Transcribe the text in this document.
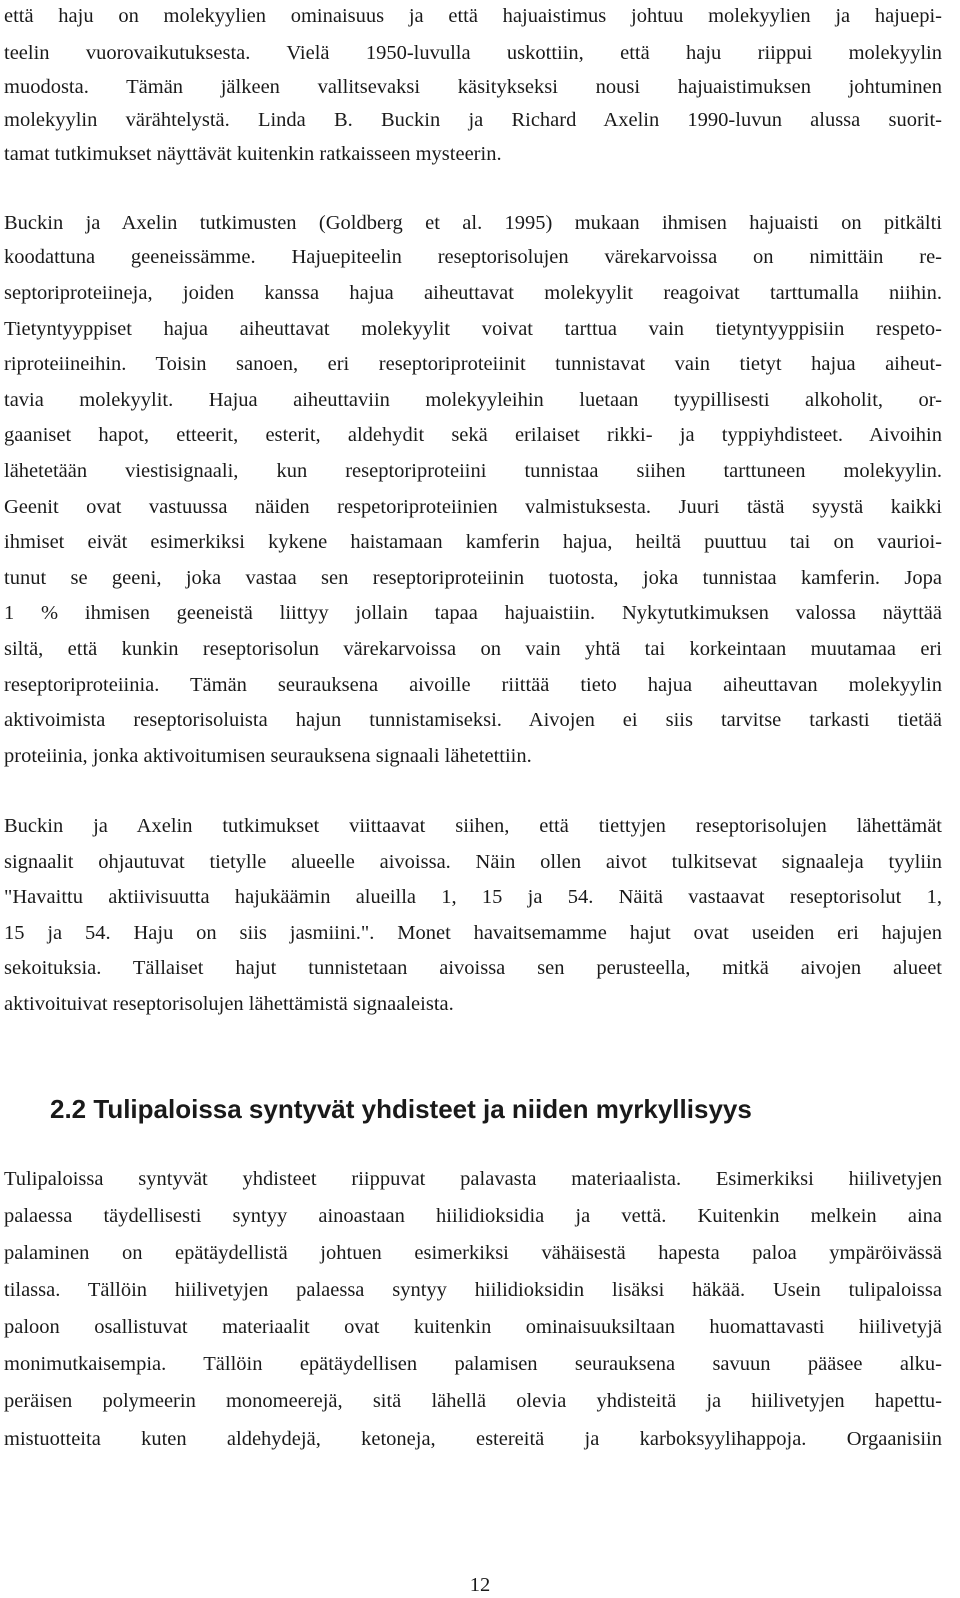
että haju on molekyylien ominaisuus ja että hajuaistimus johtuu molekyylien ja hajuepi-
teelin vuorovaikutuksesta. Vielä 1950-luvulla uskottiin, että haju riippui molekyylin
muodosta. Tämän jälkeen vallitsevaksi käsitykseksi nousi hajuaistimuksen johtuminen
molekyylin värähtelystä. Linda B. Buckin ja Richard Axelin 1990-luvun alussa suorit-
tamat tutkimukset näyttävät kuitenkin ratkaisseen mysteerin.
Buckin ja Axelin tutkimusten (Goldberg et al. 1995) mukaan ihmisen hajuaisti on pitkälti
koodattuna geeneissämme. Hajuepiteelin reseptorisolujen värekarvoissa on nimittäin re-
septoriproteiineja, joiden kanssa hajua aiheuttavat molekyylit reagoivat tarttumalla niihin.
Tietyntyyppiset hajua aiheuttavat molekyylit voivat tarttua vain tietyntyyppisiin respeto-
riproteiineihin. Toisin sanoen, eri reseptoriproteiinit tunnistavat vain tietyt hajua aiheut-
tavia molekyylit. Hajua aiheuttaviin molekyyleihin luetaan tyypillisesti alkoholit, or-
gaaniset hapot, etteerit, esterit, aldehydit sekä erilaiset rikki- ja typpiyhdisteet. Aivoihin
lähetetään viestisignaali, kun reseptoriproteiini tunnistaa siihen tarttuneen molekyylin.
Geenit ovat vastuussa näiden respetoriproteiinien valmistuksesta. Juuri tästä syystä kaikki
ihmiset eivät esimerkiksi kykene haistamaan kamferin hajua, heiltä puuttuu tai on vaurioi-
tunut se geeni, joka vastaa sen reseptoriproteiinin tuotosta, joka tunnistaa kamferin. Jopa
1 % ihmisen geeneistä liittyy jollain tapaa hajuaistiin. Nykytutkimuksen valossa näyttää
siltä, että kunkin reseptorisolun värekarvoissa on vain yhtä tai korkeintaan muutamaa eri
reseptoriproteiinia. Tämän seurauksena aivoille riittää tieto hajua aiheuttavan molekyylin
aktivoimista reseptorisoluista hajun tunnistamiseksi. Aivojen ei siis tarvitse tarkasti tietää
proteiinia, jonka aktivoitumisen seurauksena signaali lähetettiin.
Buckin ja Axelin tutkimukset viittaavat siihen, että tiettyjen reseptorisolujen lähettämät
signaalit ohjautuvat tietylle alueelle aivoissa. Näin ollen aivot tulkitsevat signaaleja tyyliin
"Havaittu aktiivisuutta hajukäämin alueilla 1, 15 ja 54. Näitä vastaavat reseptorisolut 1,
15 ja 54. Haju on siis jasmiini.". Monet havaitsemamme hajut ovat useiden eri hajujen
sekoituksia. Tällaiset hajut tunnistetaan aivoissa sen perusteella, mitkä aivojen alueet
aktivoituivat reseptorisolujen lähettämistä signaaleista.
2.2 Tulipaloissa syntyvät yhdisteet ja niiden myrkyllisyys
Tulipaloissa syntyvät yhdisteet riippuvat palavasta materiaalista. Esimerkiksi hiilivetyjen
palaessa täydellisesti syntyy ainoastaan hiilidioksidia ja vettä. Kuitenkin melkein aina
palaminen on epätäydellistä johtuen esimerkiksi vähäisestä hapesta paloa ympäröivässä
tilassa. Tällöin hiilivetyjen palaessa syntyy hiilidioksidin lisäksi häkää. Usein tulipaloissa
paloon osallistuvat materiaalit ovat kuitenkin ominaisuuksiltaan huomattavasti hiilivetyjä
monimutkaisempia. Tällöin epätäydellisen palamisen seurauksena savuun pääsee alku-
peräisen polymeerin monomeerejä, sitä lähellä olevia yhdisteitä ja hiilivetyjen hapettu-
mistuotteita kuten aldehydejä, ketoneja, estereitä ja karboksyylihappoja. Orgaanisiin
12
